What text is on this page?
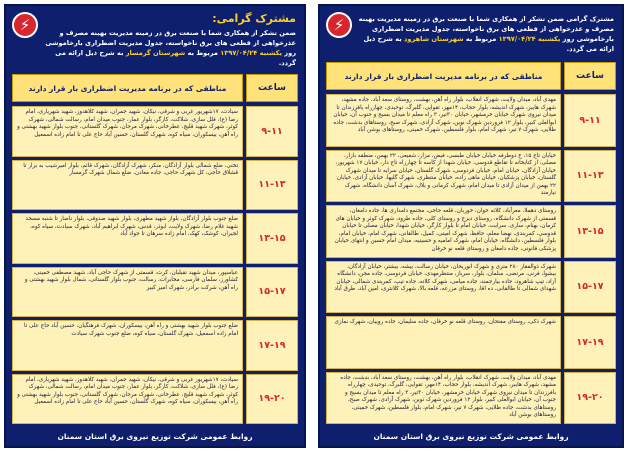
⚡	مشترک گرامی:
ضمن تشکر از همکاری شما با صنعت برق در زمینه مدیریت بهینه مصرف و عذرخواهی از قطعی های برق ناخواسته، جدول مدیریت اضطراری بارخاموشی روز یکشنبه ۱۳۹۷/۰۴/۲۴ مربوط به شهرستان گرمسار به شرح ذیل ارائه می گردد.
ساعت
مناطقی که در برنامه مدیریت اضطراری بار قرار دارند
۹-۱۱
سیادت، ۱۷شهریور غربی و شرقی، نیکان، شهید جمران، شهید کلاهدوز، شهید شهریاری، امام رضا (ع)، فلل سازی، شلاکت، کارگر، بلوار عمار، جنوب میدان امام، رسالت شمالی، شهرک کوثر، شهرک شهید قلیچ، عطرخانی، شهرک مرجان، شهرک گلستانی، جنوب بلوار شهید بهشتی و راه آهن، بیسکوران، سیاه کوه، شهرک گلستان، حسین آباد حاج علی تا امام زاده اسمعیل
۱۱-۱۳
تختی، ضلع شمالی بلوار آزادگان، منکر، شهرک آزادگان، شهرک قائم، بلوار امیرشیب به برار تا قشلاق حاجی، کل شهرک حاجی، جاده معادن، ضلع شمال شهرک گرمسار
۱۳-۱۵
ضلع جنوب بلوار آزادگان، بلوار شهید مطهری، بلوار شهید صدوقی، بلوار ناصار تا شنبه مسجد شهید غلام رضا، شهرک ولایت، ابوذر، قدس، شهرک ابراهیم آباد، شهرک سیادت، سیاه کوه، لجیران، کوشک، کهک، امام زاده سرهان تا جواد آباد
۱۵-۱۷
عباسپور، میدان شهید نقیلیان، کرت، قسمتی از شهرک حاجی آباد، شهید مصطفی خمینی، کشاورز، سلمان فارسی، مخابرات، رسالت، جنوب بلوار گلستانی، شمال بلوار شهید بهشتی و راه آهن، شرکت برادر، شهرک امیر کبیر
۱۷-۱۹
ضلع جنوب بلوار شهید بهشتی و راه آهن، بیسکوران، شهرک فرهنگیان، حسین آباد حاج علی تا امام زاده اسمعیل، شهرک گلستان، سیاه کوه، ضلع جنوب شهرک سیادت
۱۹-۲۰
سیادت، ۱۷شهریور غربی و شرقی، نیکان، شهید جمران، شهید کلاهدوز، شهید شهریاری، امام رضا (ع)، فلل سازی، شلاکت، کارگر، بلوار عمار، جنوب میدان امام، رسالت شمالی، شهرک کوثر، شهرک شهید قلیچ، عطرخانی، شهرک مرجان، شهرک گلستانی، جنوب بلوار شهید بهشتی و راه آهن، بیسکوران، سیاه کوه، شهرک گلستان، حسین آباد حاج علی تا امام زاده اسمعیل
روابط عمومی شرکت توزیع نیروی برق استان سمنان
⚡	مشترک گرامی ضمن تشکر از همکاری شما با صنعت برق در زمینه مدیریت بهینه مصرف و عذرخواهی از قطعی های برق ناخواسته، جدول مدیریت اضطراری بارخاموشی روز یکشنبه ۱۳۹۷/۰۴/۲۴ مربوط به شهرستان شاهرود به شرح ذیل ارائه می گردد.
ساعت
مناطقی که در برنامه مدیریت اضطراری بار قرار دارند
۹-۱۱
مهدی آباد، میدان ولایت، شهرک انقلاب، بلوار راه آهن، بهشت، روستای سعد آباد، جاده مشهد، شهرک هایبر، شهرک اندیشه، بلوار حجاب، ۱۴مهر، تقوایی، گلبرگ، توحیدی، چهارراه بافرزندان تا میدان نیروی شهرک خیابان خرمشهر، خیابان ۳۰تیر، ۳ راه معلم تا میدان بسیج و جنوب آن، خیابان ابوالعلی کبیر، بلوار ۱۲ فروردین شهرک نوین، شهرک آزادی، شهرک صبح، روستاهای بدشت، جاده طلایی، شهرک ۷ تیر، شهرک امام، بلوار فلسطین، شهرک خمینی، روستاهای بوشن آباد
۱۱-۱۳
خیابان تاج ۱۵، خ دوطرفه خیابان خیابان طبسی، فیض، مزار، شفیعی، ۲۲ بهمن، منطقه بازار، مصلی، از کتابخانه تا تقاطع قدوسی، خیابان شهدا از کاسه تا چهارراه تاج دار، خیابان ۱۷ شهریور، خیابان آزادگان، خیابان امام، خیابان فردوسی، شهرک گلستان، خیابان سرایه تا میدان شهرک گلستان، خیابان پزشکیان، خیابان ماهی زاده، خیابان منتظری، شهرک گلیها، خیابان آزادی، خیابان ۲۲ بهمن از میدان آزادی تا میدان امام، شهرک کرمانی و بلال، شهرک آسان دانشگاه، شهرک نیارمند
۱۳-۱۵
روستای دهملا، معرآباد، کلاته خوان، خوربان، قلعه حاجی، مجتمع دامداری ها، جاده دامغان، قسمتی از شهرک دانشگاه، روستای دیزج و روستای کلی، جاده طرود، شهرک کوثر و خیابان های کرمان، بهنام، ساری، سرایت، خیابان امام تا بلوار کارگر، خیابان شهدا، خیابان مصلی تا خیابان قدوسی، کمربندی، نهضا معلم، حافظ، شهرک امینی، کمیل، طالقانی، شهرک امام، خیابان امام، بلوار فلسطین، دانشگاه، خیابان امام، شهرک امامیه و حسینیه، میدان امام حسین و انتهای خیابان پزشکی قانونی، جاده دامغان و روستای قلعه نو خرقان
۱۵-۱۷
شهرک ذوالفقار ۲۸۰ متری و شهرک ابوریحان، خیابان رسالت، بیشه، بیشتر، خیابان آزادگان، بیشوا، فرنی، مرتضی، سلمان، بلوار، سرباز، منتظرمهدی، خیابان فردوسی، جاده مجن، دانشگاه آزاد، تیپ شاهرود، جاده بیارجمند، جاده میامی، شهرک کلاته، جاده تیپ، کمربندی شمالی، خیابان شهدای شمالی تا طالقانی، ده اقا، روستای مزرعه، قلعه بالا، شهرک کلانتری، امین آباد، طرق آباد
۱۷-۱۹
شهرک ذکی، روستای مفتحان، روستای قلعه نو خرقان، جاده سلیمان، جاده روییان، شهرک نمازی
۱۹-۲۰
مهدی آباد، میدان ولایت، شهرک انقلاب، بلوار راه آهن، بهشت، روستای سعد آباد، بدشت، جاده مشهد، شهرک هایبر، شهرک اندیشه، بلوار حجاب، ۱۴مهر، تقوایی، گلبرگ، توحیدی، چهارراه بافرزندان تا میدان نیروی شهرک خیابان خرمشهر، خیابان ۳۰تیر، ۳ راه معلم تا میدان بسیج و جنوب آن، خیابان ابوالعلی کبیر، بلوار ۱۲ فروردین شهرک نوین، شهرک آزادی، شهرک صبح، روستاهای بدشت، جاده طلایی، شهرک ۷ تیر، شهرک امام، بلوار فلسطین، شهرک خمینی، روستاهای بوشن آباد
روابط عمومی شرکت توزیع نیروی برق استان سمنان
